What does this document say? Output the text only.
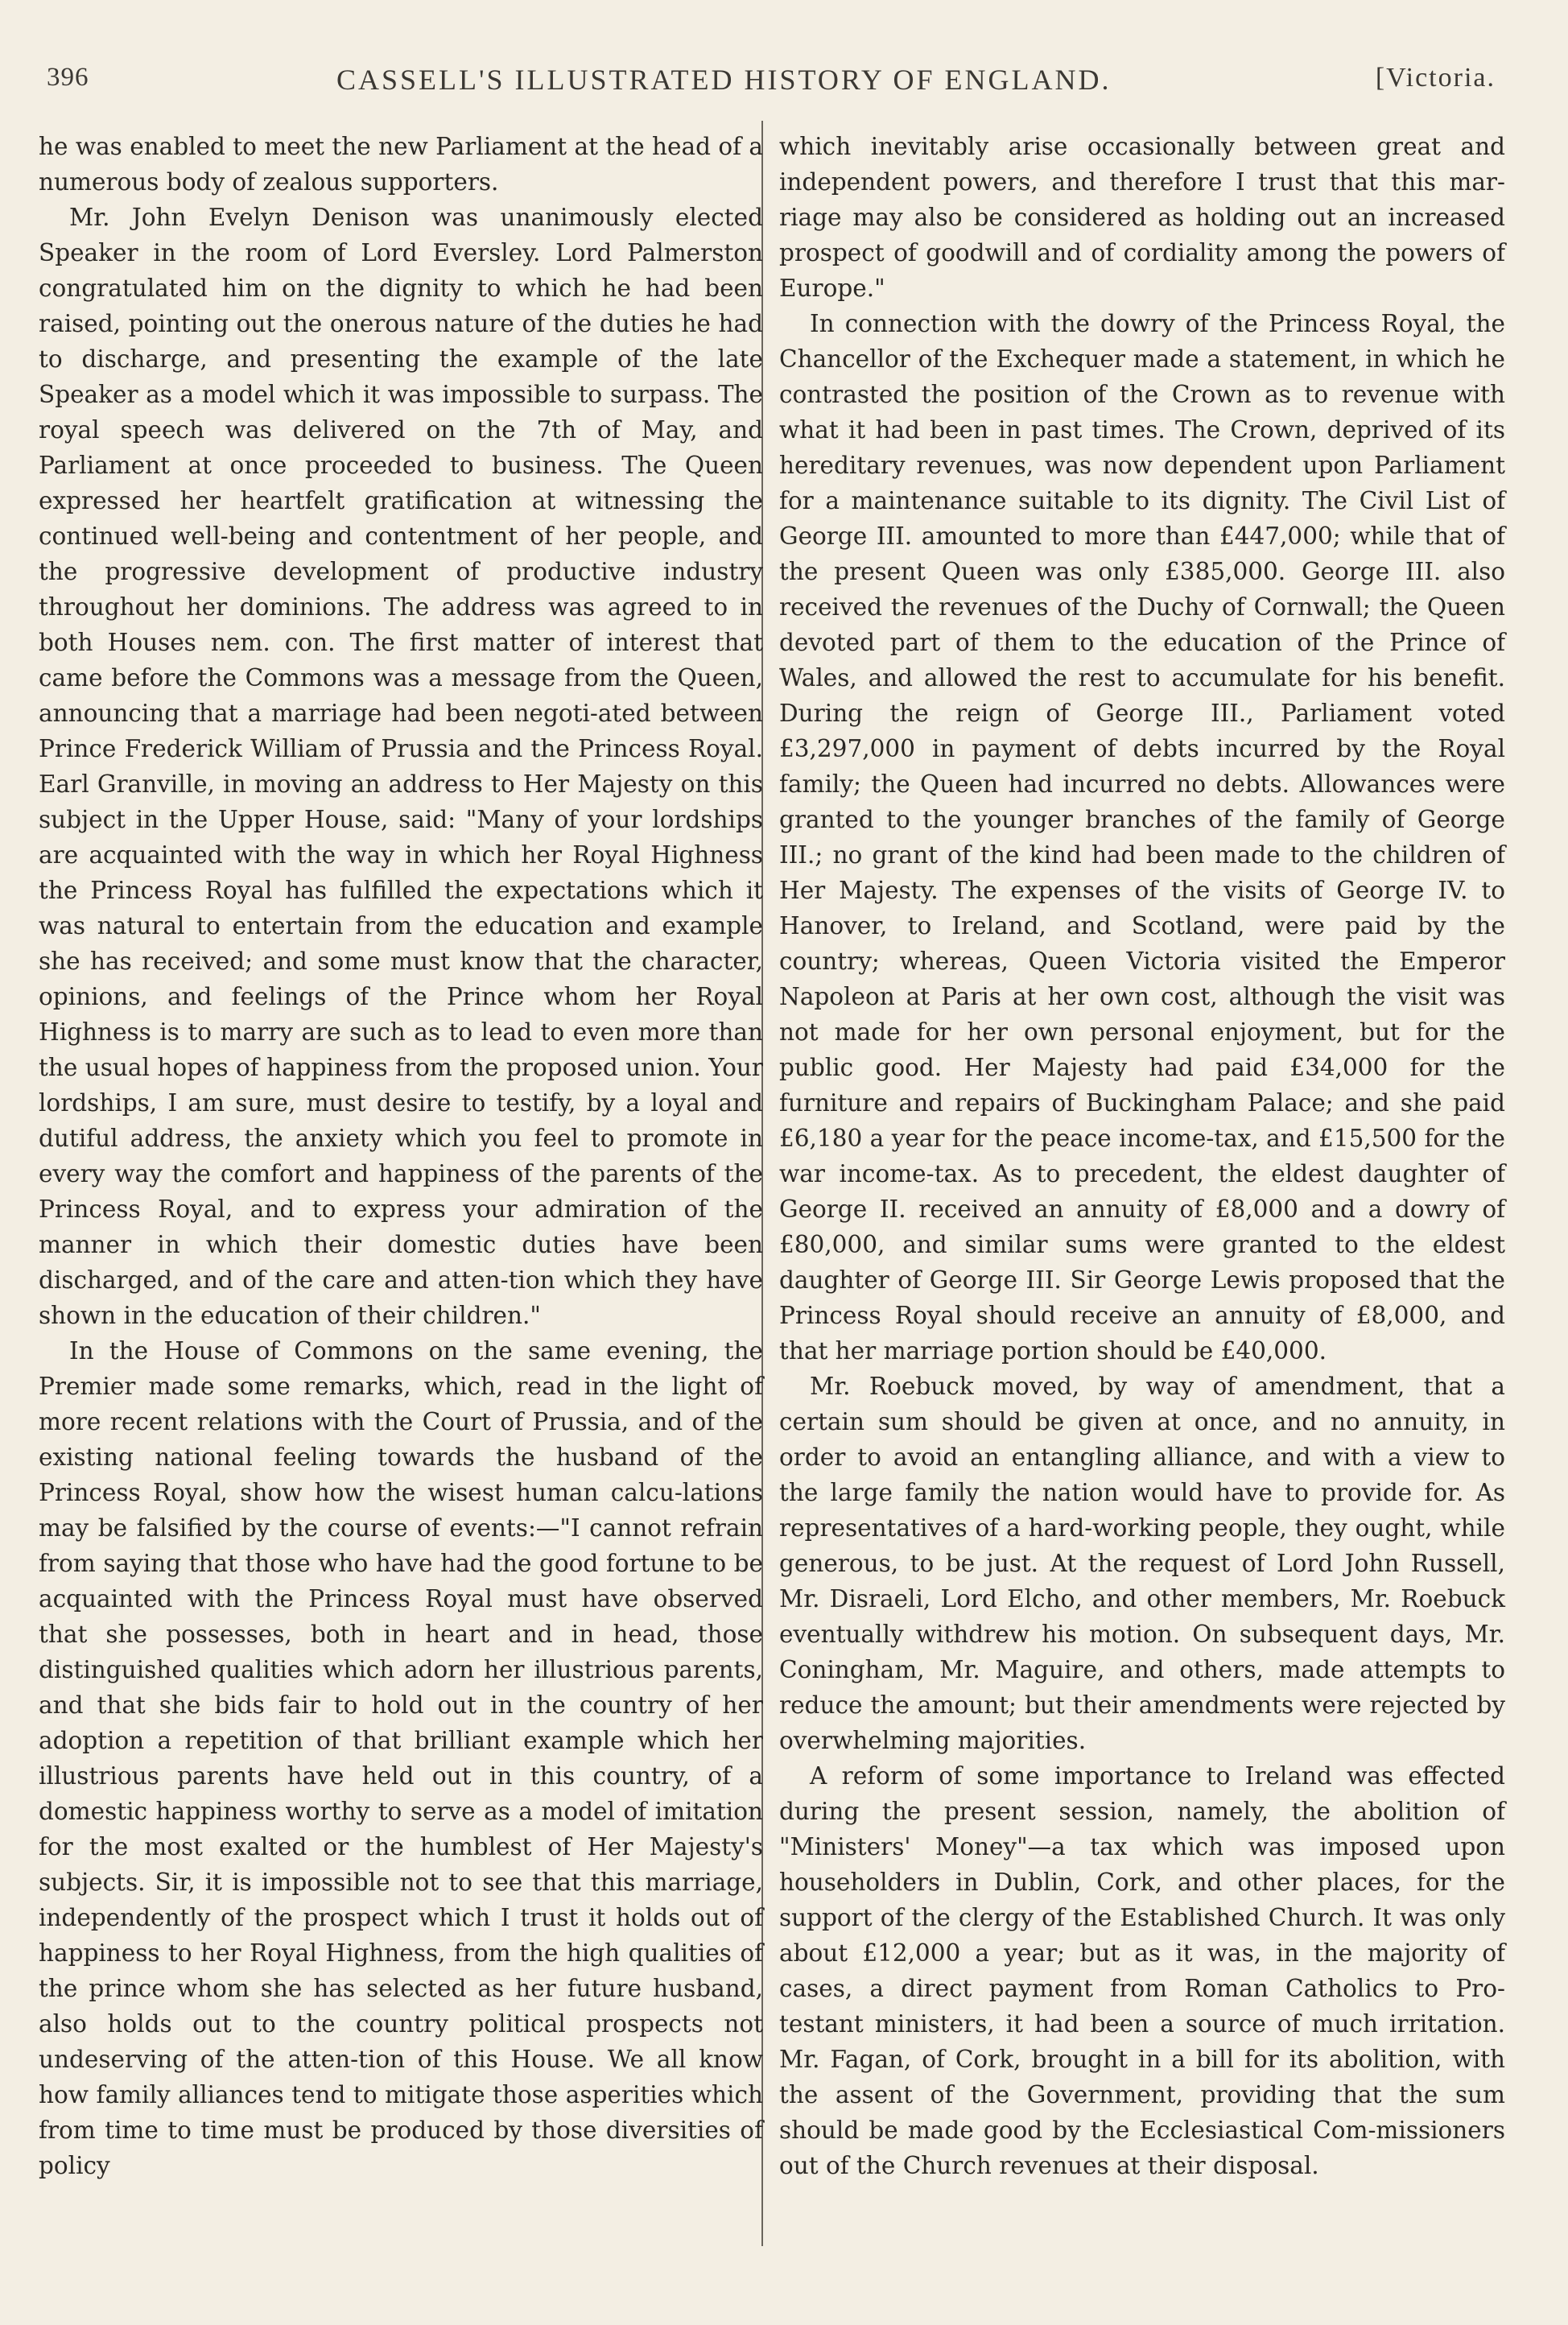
396	CASSELL'S ILLUSTRATED HISTORY OF ENGLAND.	[Victoria.

he was enabled to meet the new Parliament at the head of a numerous body of zealous supporters.

Mr. John Evelyn Denison was unanimously elected Speaker in the room of Lord Eversley. Lord Palmerston congratulated him on the dignity to which he had been raised, pointing out the onerous nature of the duties he had to discharge, and presenting the example of the late Speaker as a model which it was impossible to surpass. The royal speech was delivered on the 7th of May, and Parliament at once proceeded to business. The Queen expressed her heartfelt gratification at witnessing the continued well-being and contentment of her people, and the progressive development of productive industry throughout her dominions. The address was agreed to in both Houses nem. con. The first matter of interest that came before the Commons was a message from the Queen, announcing that a marriage had been negoti-ated between Prince Frederick William of Prussia and the Princess Royal. Earl Granville, in moving an address to Her Majesty on this subject in the Upper House, said: "Many of your lordships are acquainted with the way in which her Royal Highness the Princess Royal has fulfilled the expectations which it was natural to entertain from the education and example she has received; and some must know that the character, opinions, and feelings of the Prince whom her Royal Highness is to marry are such as to lead to even more than the usual hopes of happiness from the proposed union. Your lordships, I am sure, must desire to testify, by a loyal and dutiful address, the anxiety which you feel to promote in every way the comfort and happiness of the parents of the Princess Royal, and to express your admiration of the manner in which their domestic duties have been discharged, and of the care and atten-tion which they have shown in the education of their children."

In the House of Commons on the same evening, the Premier made some remarks, which, read in the light of more recent relations with the Court of Prussia, and of the existing national feeling towards the husband of the Princess Royal, show how the wisest human calcu-lations may be falsified by the course of events:—"I cannot refrain from saying that those who have had the good fortune to be acquainted with the Princess Royal must have observed that she possesses, both in heart and in head, those distinguished qualities which adorn her illustrious parents, and that she bids fair to hold out in the country of her adoption a repetition of that brilliant example which her illustrious parents have held out in this country, of a domestic happiness worthy to serve as a model of imitation for the most exalted or the humblest of Her Majesty's subjects. Sir, it is impossible not to see that this marriage, independently of the prospect which I trust it holds out of happiness to her Royal Highness, from the high qualities of the prince whom she has selected as her future husband, also holds out to the country political prospects not undeserving of the atten-tion of this House. We all know how family alliances tend to mitigate those asperities which from time to time must be produced by those diversities of policy

which inevitably arise occasionally between great and independent powers, and therefore I trust that this mar-riage may also be considered as holding out an increased prospect of goodwill and of cordiality among the powers of Europe."

In connection with the dowry of the Princess Royal, the Chancellor of the Exchequer made a statement, in which he contrasted the position of the Crown as to revenue with what it had been in past times. The Crown, deprived of its hereditary revenues, was now dependent upon Parliament for a maintenance suitable to its dignity. The Civil List of George III. amounted to more than £447,000; while that of the present Queen was only £385,000. George III. also received the revenues of the Duchy of Cornwall; the Queen devoted part of them to the education of the Prince of Wales, and allowed the rest to accumulate for his benefit. During the reign of George III., Parliament voted £3,297,000 in payment of debts incurred by the Royal family; the Queen had incurred no debts. Allowances were granted to the younger branches of the family of George III.; no grant of the kind had been made to the children of Her Majesty. The expenses of the visits of George IV. to Hanover, to Ireland, and Scotland, were paid by the country; whereas, Queen Victoria visited the Emperor Napoleon at Paris at her own cost, although the visit was not made for her own personal enjoyment, but for the public good. Her Majesty had paid £34,000 for the furniture and repairs of Buckingham Palace; and she paid £6,180 a year for the peace income-tax, and £15,500 for the war income-tax. As to precedent, the eldest daughter of George II. received an annuity of £8,000 and a dowry of £80,000, and similar sums were granted to the eldest daughter of George III. Sir George Lewis proposed that the Princess Royal should receive an annuity of £8,000, and that her marriage portion should be £40,000.

Mr. Roebuck moved, by way of amendment, that a certain sum should be given at once, and no annuity, in order to avoid an entangling alliance, and with a view to the large family the nation would have to provide for. As representatives of a hard-working people, they ought, while generous, to be just. At the request of Lord John Russell, Mr. Disraeli, Lord Elcho, and other members, Mr. Roebuck eventually withdrew his motion. On subsequent days, Mr. Coningham, Mr. Maguire, and others, made attempts to reduce the amount; but their amendments were rejected by overwhelming majorities.

A reform of some importance to Ireland was effected during the present session, namely, the abolition of "Ministers' Money"—a tax which was imposed upon householders in Dublin, Cork, and other places, for the support of the clergy of the Established Church. It was only about £12,000 a year; but as it was, in the majority of cases, a direct payment from Roman Catholics to Pro-testant ministers, it had been a source of much irritation. Mr. Fagan, of Cork, brought in a bill for its abolition, with the assent of the Government, providing that the sum should be made good by the Ecclesiastical Com-missioners out of the Church revenues at their disposal.
